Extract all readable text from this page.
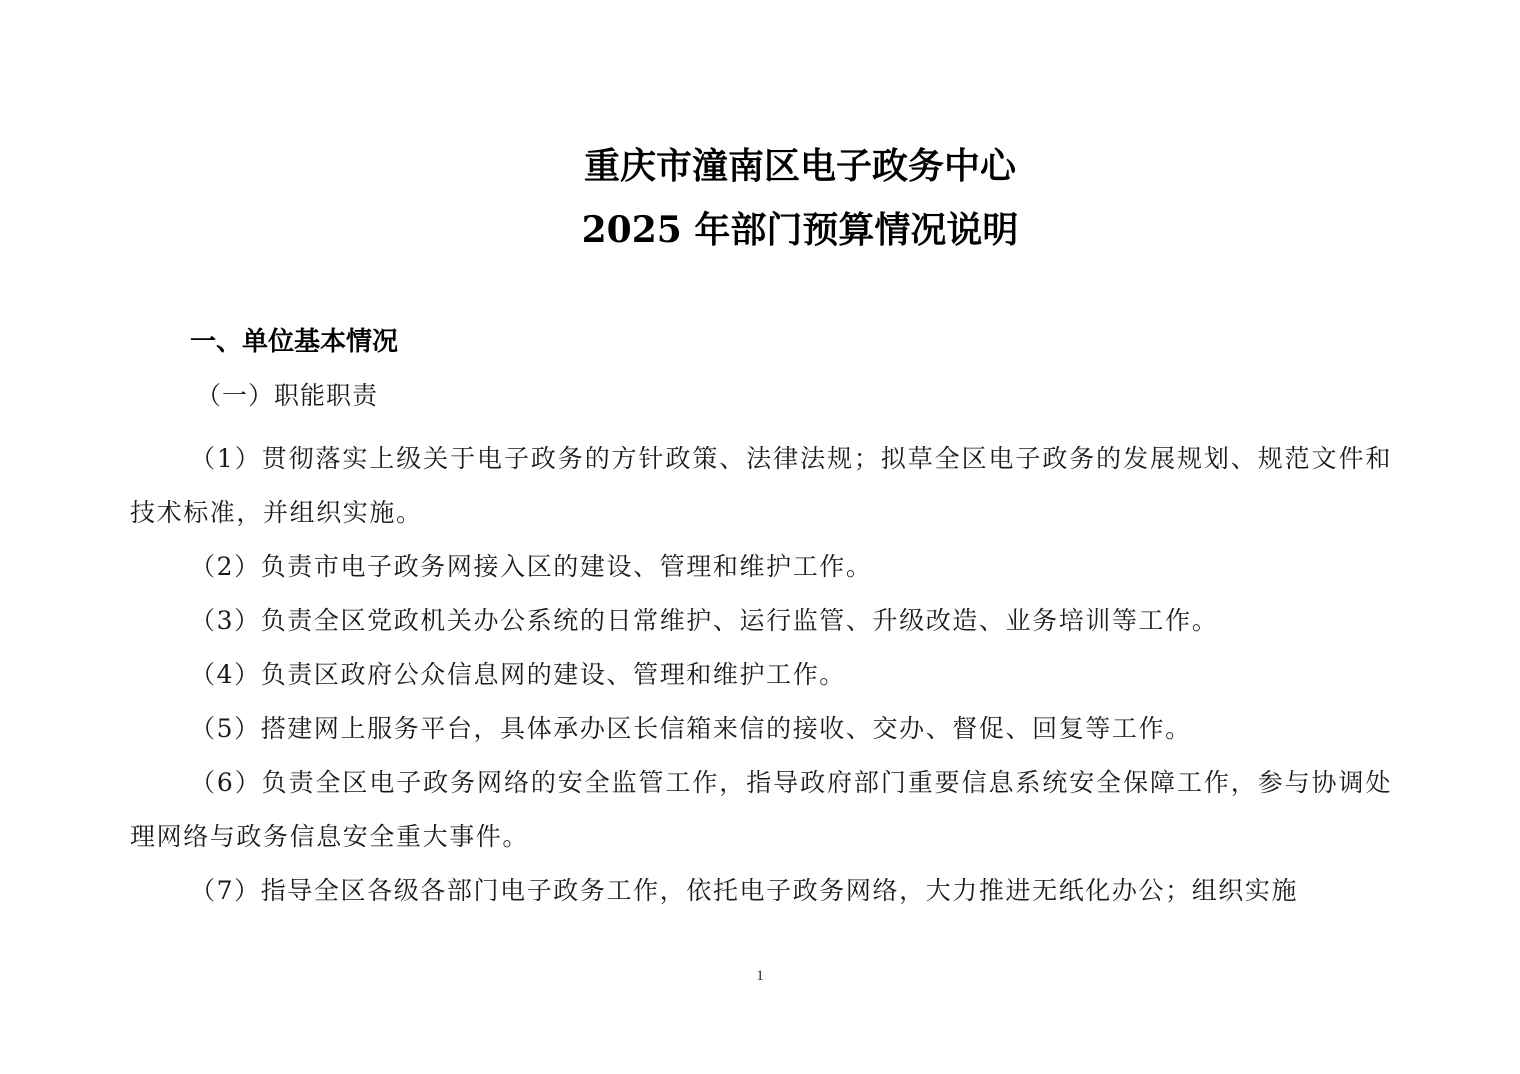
重庆市潼南区电子政务中心
2025 年部门预算情况说明
一、单位基本情况
（一）职能职责

（1）贯彻落实上级关于电子政务的方针政策、法律法规；拟草全区电子政务的发展规划、规范文件和技术标准，并组织实施。

（2）负责市电子政务网接入区的建设、管理和维护工作。

（3）负责全区党政机关办公系统的日常维护、运行监管、升级改造、业务培训等工作。

（4）负责区政府公众信息网的建设、管理和维护工作。

（5）搭建网上服务平台，具体承办区长信箱来信的接收、交办、督促、回复等工作。

（6）负责全区电子政务网络的安全监管工作，指导政府部门重要信息系统安全保障工作，参与协调处理网络与政务信息安全重大事件。

（7）指导全区各级各部门电子政务工作，依托电子政务网络，大力推进无纸化办公；组织实施

1
